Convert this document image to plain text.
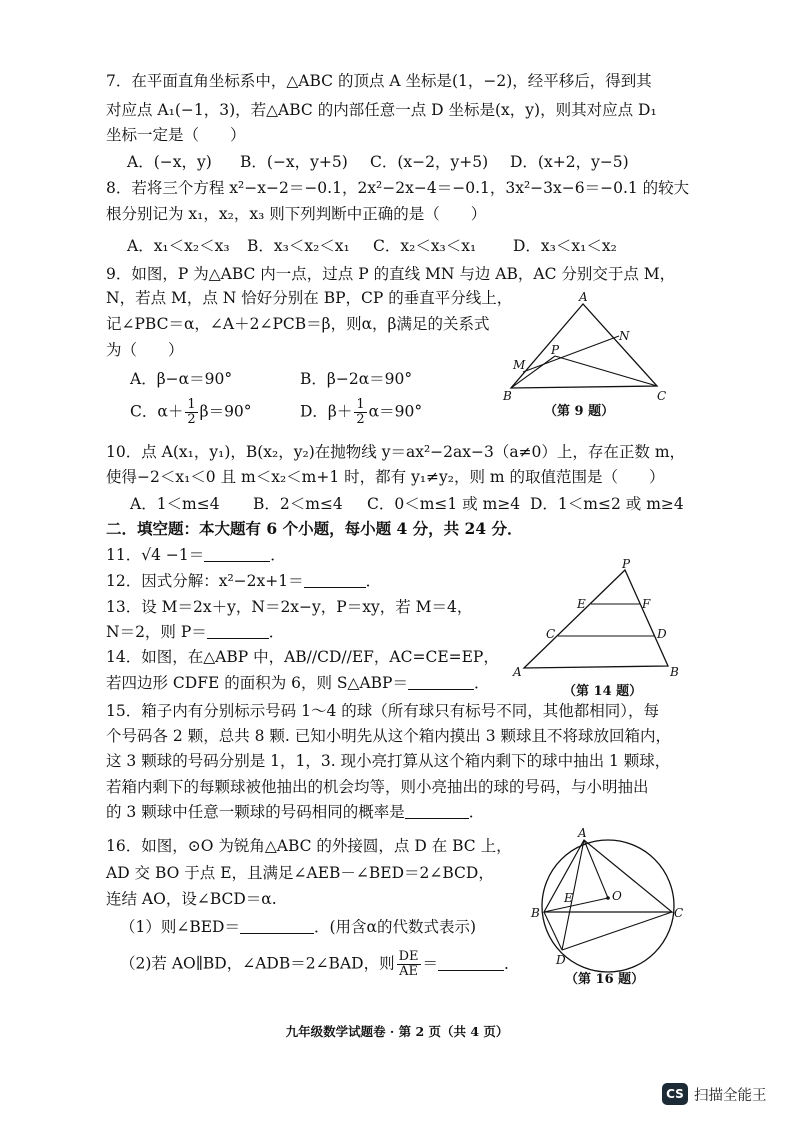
7．在平面直角坐标系中，△ABC 的顶点 A 坐标是(1，−2)，经平移后，得到其
对应点 A₁(−1，3)，若△ABC 的内部任意一点 D 坐标是(x，y)，则其对应点 D₁
坐标一定是（　　）
A．(−x，y) B．(−x，y+5) C．(x−2，y+5) D．(x+2，y−5)
8．若将三个方程 x²−x−2＝−0.1，2x²−2x−4＝−0.1，3x²−3x−6＝−0.1 的较大
根分别记为 x₁，x₂，x₃ 则下列判断中正确的是（　　）
A．x₁＜x₂＜x₃ B．x₃＜x₂＜x₁ C．x₂＜x₃＜x₁ D．x₃＜x₁＜x₂
9．如图，P 为△ABC 内一点，过点 P 的直线 MN 与边 AB，AC 分别交于点 M，
N，若点 M，点 N 恰好分别在 BP，CP 的垂直平分线上，
记∠PBC＝α，∠A＋2∠PCB＝β，则α，β满足的关系式
为（　　）
A．β−α＝90°	B．β−2α＝90°
C．$\alpha+ \frac{1}{2} \beta=90^\circ$	D．$\beta+ \frac{1}{2} \alpha=90^\circ$
A
B	C
M
N
P
（第 9 题）
10．点 A(x₁，y₁)，B(x₂，y₂)在抛物线 y＝ax²−2ax−3（a≠0）上，存在正数 m，
使得−2＜x₁＜0 且 m＜x₂＜m+1 时，都有 y₁≠y₂，则 m 的取值范围是（　　）
A．1＜m≤4 B．2＜m≤4 C．0＜m≤1 或 m≥4 D．1＜m≤2 或 m≥4
二．填空题：本大题有 6 个小题，每小题 4 分，共 24 分．
11．√4 −1＝	．
12．因式分解：x²−2x+1＝	．
13．设 M＝2x＋y，N＝2x−y，P＝xy，若 M＝4，
N＝2，则 P＝	．
14．如图，在△ABP 中，AB//CD//EF，AC=CE=EP，
若四边形 CDFE 的面积为 6，则 S△ABP＝	．
P
E	F
C	D
A	B
（第 14 题）
15．箱子内有分别标示号码 1～4 的球（所有球只有标号不同，其他都相同），每
个号码各 2 颗，总共 8 颗. 已知小明先从这个箱内摸出 3 颗球且不将球放回箱内，
这 3 颗球的号码分别是 1，1，3. 现小亮打算从这个箱内剩下的球中抽出 1 颗球，
若箱内剩下的每颗球被他抽出的机会均等，则小亮抽出的球的号码，与小明抽出
的 3 颗球中任意一颗球的号码相同的概率是	．
16．如图，⊙O 为锐角△ABC 的外接圆，点 D 在 BC 上，
AD 交 BO 于点 E，且满足∠AEB－∠BED＝2∠BCD，
连结 AO，设∠BCD＝α.
（1）则∠BED＝	．(用含α的代数式表示)
（2)若 AO∥BD，∠ADB＝2∠BAD，则 $\frac{DE}{AE}$ ＝	．
A
B	C
D
E	O
（第 16 题）
九年级数学试题卷 · 第 2 页（共 4 页）
CS 扫描全能王
